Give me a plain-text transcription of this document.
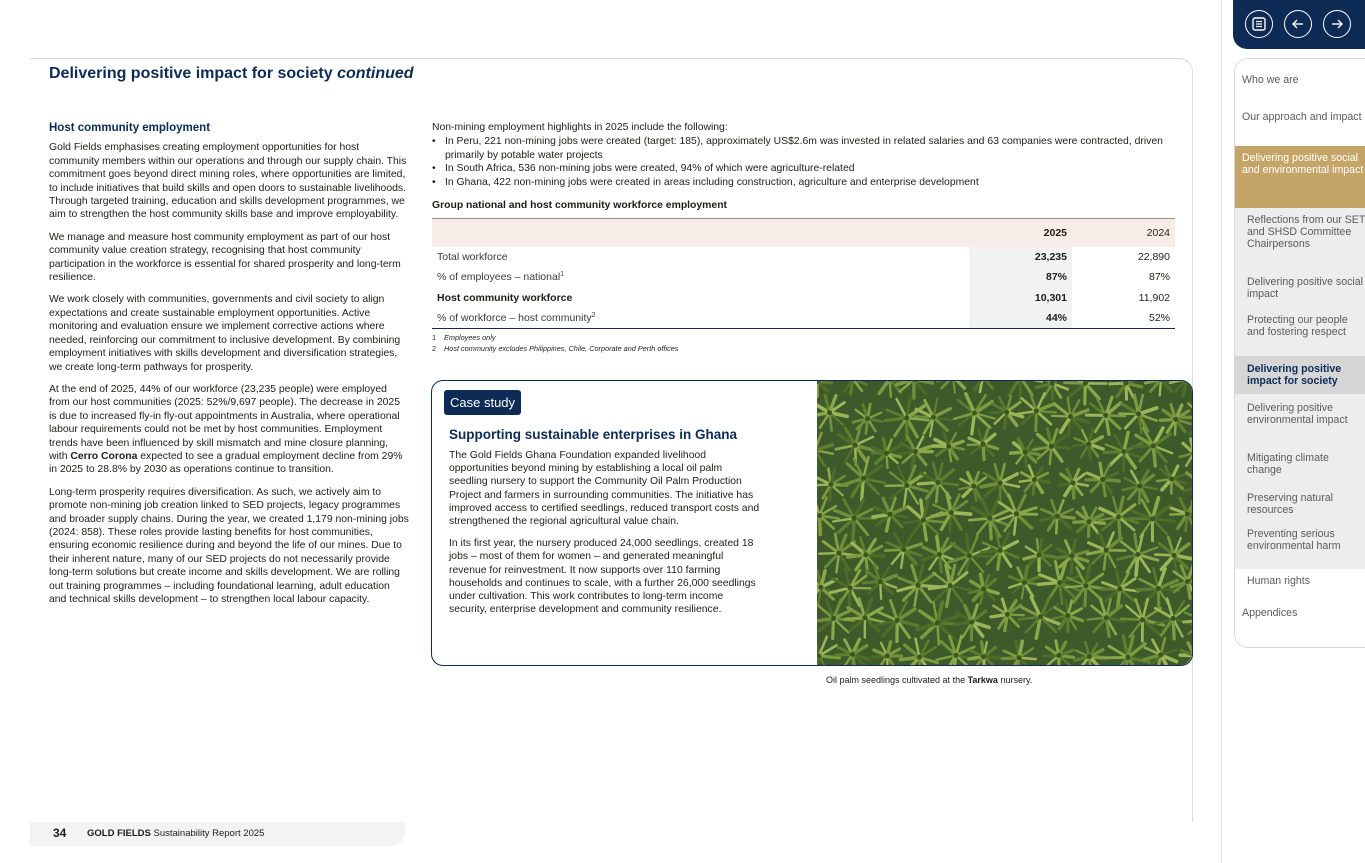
Delivering positive impact for society continued
Host community employment

Gold Fields emphasises creating employment opportunities for host community members within our operations and through our supply chain. This commitment goes beyond direct mining roles, where opportunities are limited, to include initiatives that build skills and open doors to sustainable livelihoods. Through targeted training, education and skills development programmes, we aim to strengthen the host community skills base and improve employability.

We manage and measure host community employment as part of our host community value creation strategy, recognising that host community participation in the workforce is essential for shared prosperity and long-term resilience.

We work closely with communities, governments and civil society to align expectations and create sustainable employment opportunities. Active monitoring and evaluation ensure we implement corrective actions where needed, reinforcing our commitment to inclusive development. By combining employment initiatives with skills development and diversification strategies, we create long-term pathways for prosperity.

At the end of 2025, 44% of our workforce (23,235 people) were employed from our host communities (2025: 52%/9,697 people). The decrease in 2025 is due to increased fly-in fly-out appointments in Australia, where operational labour requirements could not be met by host communities. Employment trends have been influenced by skill mismatch and mine closure planning, with Cerro Corona expected to see a gradual employment decline from 29% in 2025 to 28.8% by 2030 as operations continue to transition.

Long-term prosperity requires diversification. As such, we actively aim to promote non-mining job creation linked to SED projects, legacy programmes and broader supply chains. During the year, we created 1,179 non-mining jobs (2024: 858). These roles provide lasting benefits for host communities, ensuring economic resilience during and beyond the life of our mines. Due to their inherent nature, many of our SED projects do not necessarily provide long-term solutions but create income and skills development. We are rolling out training programmes – including foundational learning, adult education and technical skills development – to strengthen local labour capacity.

Non-mining employment highlights in 2025 include the following:
• In Peru, 221 non-mining jobs were created (target: 185), approximately US$2.6m was invested in related salaries and 63 companies were contracted, driven primarily by potable water projects
• In South Africa, 536 non-mining jobs were created, 94% of which were agriculture-related
• In Ghana, 422 non-mining jobs were created in areas including construction, agriculture and enterprise development
Group national and host community workforce employment
	2025	2024
Total workforce	23,235	22,890
% of employees – national$^1$	87%	87%
Host community workforce	10,301	11,902
% of workforce – host community$^2$	44%	52%
1 Employees only
2 Host community excludes Philippines, Chile, Corporate and Perth offices
Case study
Supporting sustainable enterprises in Ghana

The Gold Fields Ghana Foundation expanded livelihood opportunities beyond mining by establishing a local oil palm seedling nursery to support the Community Oil Palm Production Project and farmers in surrounding communities. The initiative has improved access to certified seedlings, reduced transport costs and strengthened the regional agricultural value chain.

In its first year, the nursery produced 24,000 seedlings, created 18 jobs – most of them for women – and generated meaningful revenue for reinvestment. It now supports over 110 farming households and continues to scale, with a further 26,000 seedlings under cultivation. This work contributes to long-term income security, enterprise development and community resilience.

Oil palm seedlings cultivated at the Tarkwa nursery.
34 GOLD FIELDS Sustainability Report 2025
Who we are
Our approach and impact
Delivering positive social and environmental impact
Reflections from our SET and SHSD Committee Chairpersons
Delivering positive social impact
Protecting our people and fostering respect
Delivering positive impact for society
Delivering positive environmental impact
Mitigating climate change
Preserving natural resources
Preventing serious environmental harm
Human rights
Appendices
